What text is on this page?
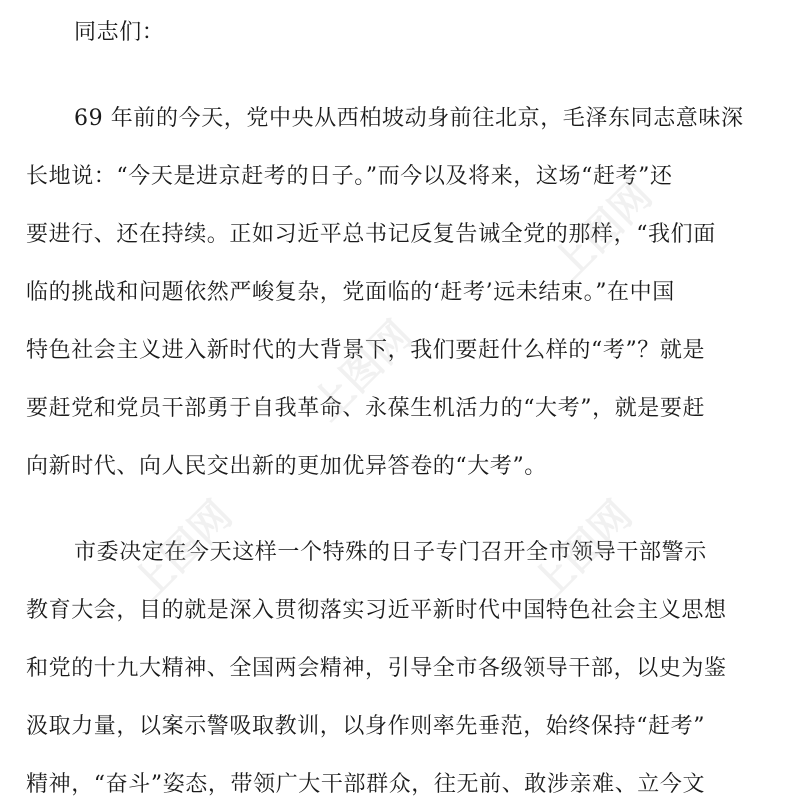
同志们：
69 年前的今天，党中央从西柏坡动身前往北京，毛泽东同志意味深
长地说：“今天是进京赶考的日子。”而今以及将来，这场“赶考”还
要进行、还在持续。正如习近平总书记反复告诫全党的那样，“我们面
临的挑战和问题依然严峻复杂，党面临的‘赶考’远未结束。”在中国
特色社会主义进入新时代的大背景下，我们要赶什么样的“考”？就是
要赶党和党员干部勇于自我革命、永葆生机活力的“大考”，就是要赶
向新时代、向人民交出新的更加优异答卷的“大考”。
市委决定在今天这样一个特殊的日子专门召开全市领导干部警示
教育大会，目的就是深入贯彻落实习近平新时代中国特色社会主义思想
和党的十九大精神、全国两会精神，引导全市各级领导干部，以史为鉴
汲取力量，以案示警吸取教训，以身作则率先垂范，始终保持“赶考”
精神，“奋斗”姿态，带领广大干部群众，往无前、敢涉亲难、立今文
上图网
上图网
上图网	上图网
